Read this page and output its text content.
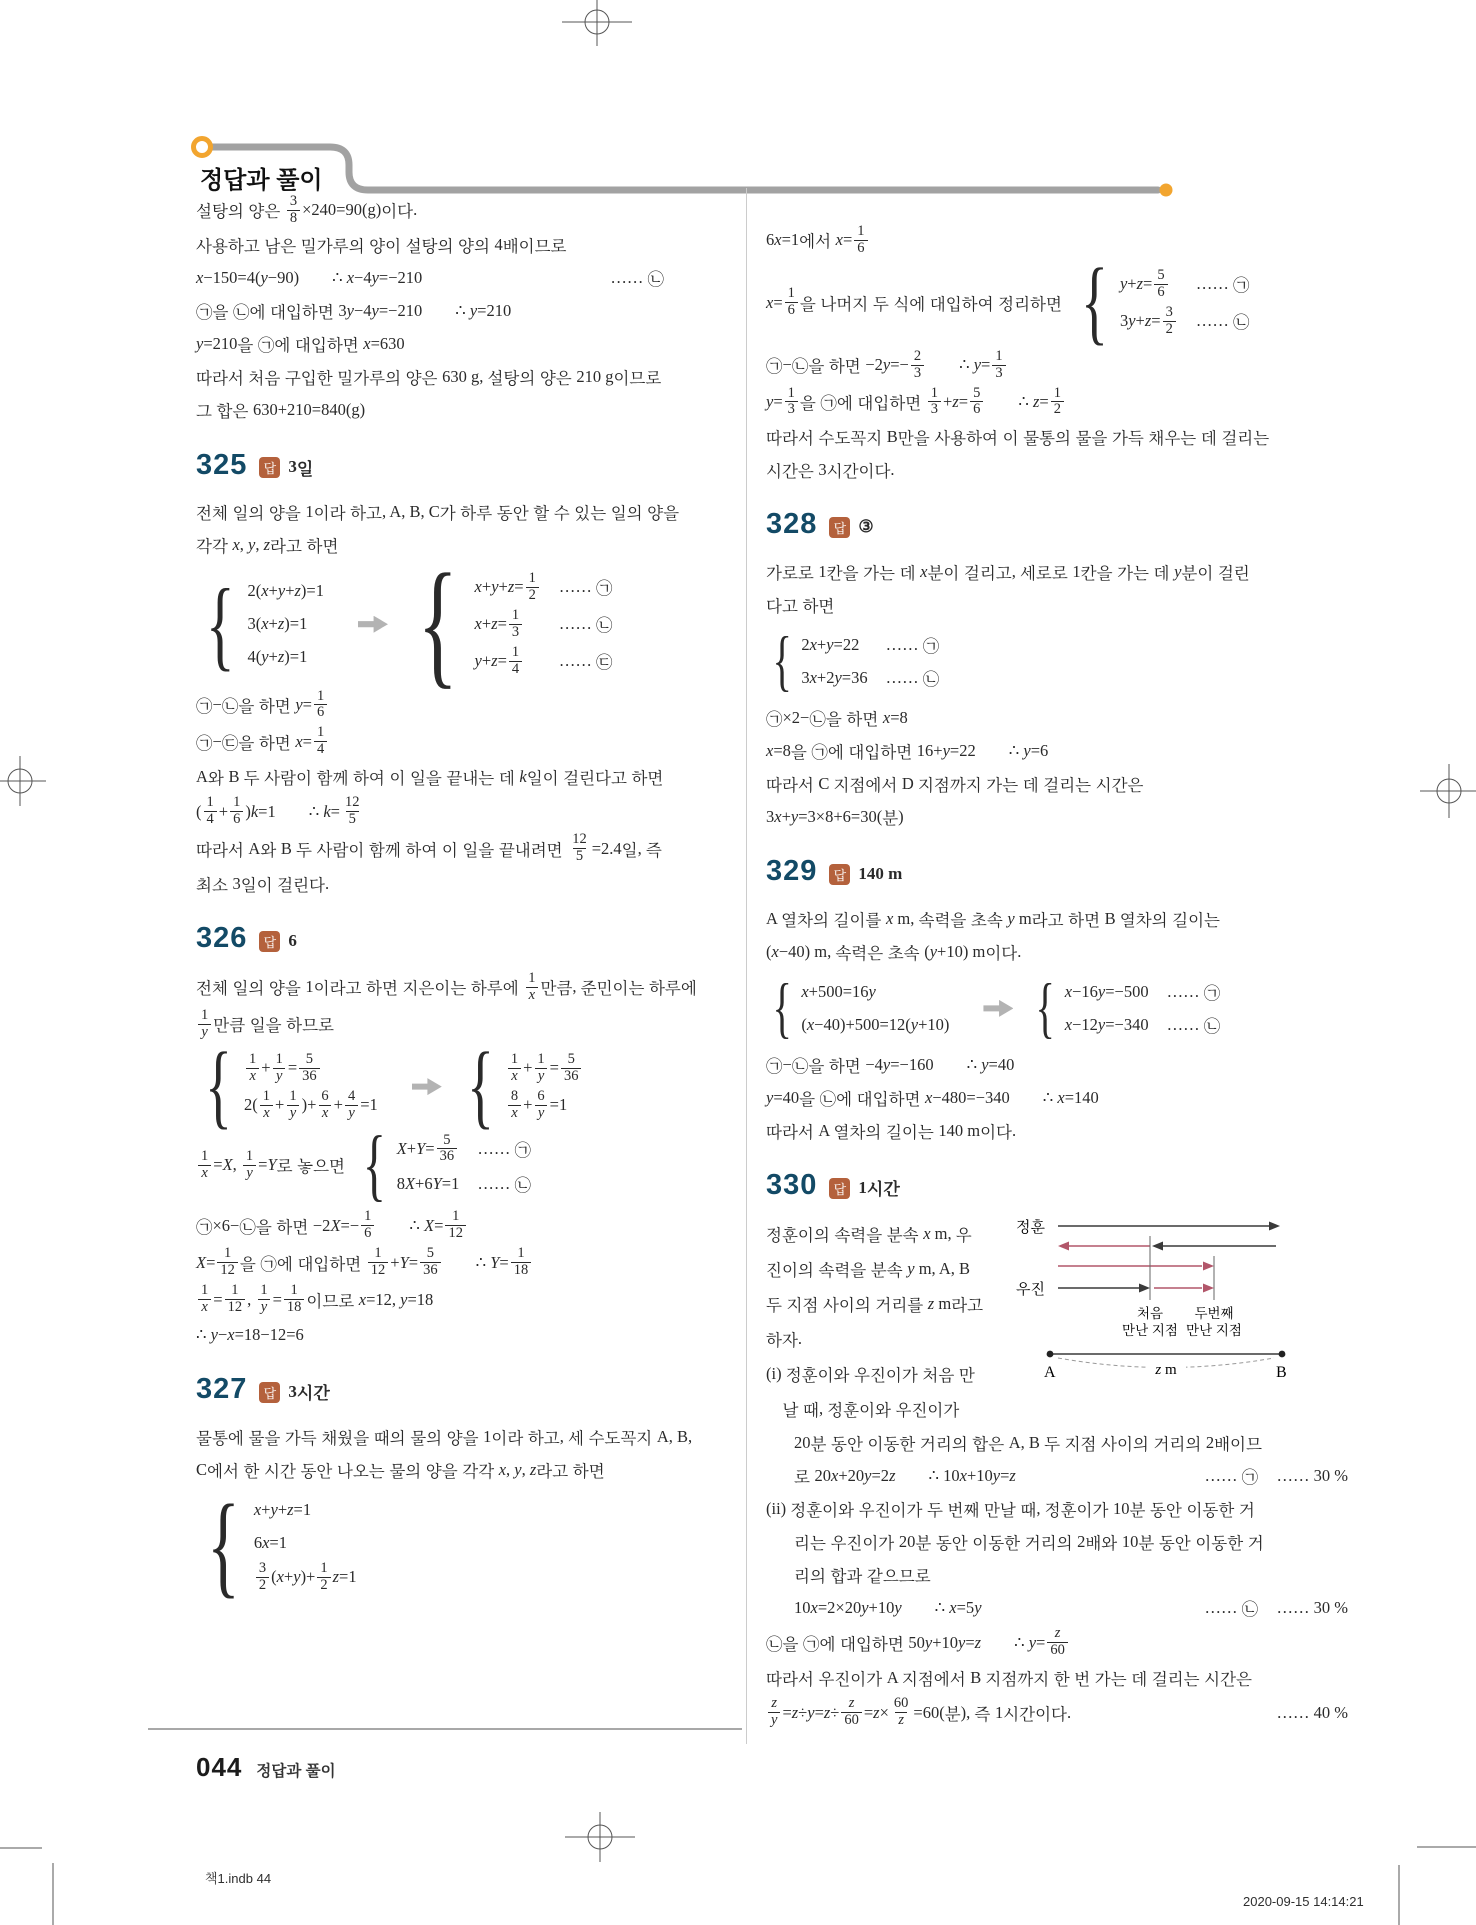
정답과 풀이
설탕의 양은 $\frac{3}{8} \times 240=90(g)$ 이다 .
사용하고 남은 밀가루의 양이 설탕의 양의 4 배이므로
x −150=4( y −90)        ∴ x −4 y =−210	…… ㉡
㉠을 ㉡에 대입하면 3 y −4 y =−210        ∴ y =210
y =210 을 ㉠에 대입하면 x =630
따라서 처음 구입한 밀가루의 양은 630 g, 설탕의 양은 210 g 이므로
그 합은 630+210=840(g)
325	답 3 일
전체 일의 양을 1 이라 하고 , A, B, C 가 하루 동안 할 수 있는 일의 양을
각각 x , y , z 라고 하면
{ 2( x + y + z )=1
3( x + z )=1
4( y + z )=1 { $x + y + z = \frac{1}{2}$ …… ㉠
$x + z = \frac{1}{3}$ …… ㉡
$y + z = \frac{1}{4}$ …… ㉢
㉠ − ㉡을 하면 $y = \frac{1}{6}$
㉠ − ㉢을 하면 $x = \frac{1}{4}$
A 와 B 두 사람이 함께 하여 이 일을 끝내는 데 k 일이 걸린다고 하면
( $\frac{1}{4} + \frac{1}{6}$ ) k =1        ∴ $k = \frac{12}{5}$
따라서 A 와 B 두 사람이 함께 하여 이 일을 끝내려면 $\frac{12}{5} =2.4$ 일 , 즉
최소 3 일이 걸린다 .
326	답 6
전체 일의 양을 1 이라고 하면 지은이는 하루에 $\frac{1}{x}$ 만큼 , 준민이는 하루에
$\frac{1}{y}$ 만큼 일을 하므로
{ $\frac{1}{x} + \frac{1}{y} = \frac{5}{36}$
$2( \frac{1}{x} + \frac{1}{y}$ )+ $\frac{6}{x} + \frac{4}{y} =1$ { $\frac{1}{x} + \frac{1}{y} = \frac{5}{36}$
$\frac{8}{x} + \frac{6}{y} =1$
$\frac{1}{x} = X$ , $\frac{1}{y} = Y$ 로 놓으면 { $X + Y = \frac{5}{36}$ …… ㉠
8 X +6 Y =1 …… ㉡
㉠ ×6− ㉡을 하면 −2 $X =- \frac{1}{6}$ ∴ $X = \frac{1}{12}$
$X = \frac{1}{12}$ 을 ㉠에 대입하면 $\frac{1}{12} + Y = \frac{5}{36}$ ∴ $Y = \frac{1}{18}$
$\frac{1}{x} = \frac{1}{12}$ , $\frac{1}{y} = \frac{1}{18}$ 이므로 x =12, y =18
∴ y − x =18−12=6
327	답 3 시간
물통에 물을 가득 채웠을 때의 물의 양을 1 이라 하고 , 세 수도꼭지 A, B,
C 에서 한 시간 동안 나오는 물의 양을 각각 x , y , z 라고 하면
{ x + y + z =1
6 x =1
$\frac{3}{2}$ ( x + y )+ $\frac{1}{2}$ z =1
6 x =1 에서 $x = \frac{1}{6}$
$x = \frac{1}{6}$ 을 나머지 두 식에 대입하여 정리하면 { $y + z = \frac{5}{6}$ …… ㉠
3 $y + z = \frac{3}{2}$ …… ㉡
㉠ − ㉡을 하면 −2 $y =- \frac{2}{3}$ ∴ $y = \frac{1}{3}$
$y = \frac{1}{3}$ 을 ㉠에 대입하면 $\frac{1}{3} + z = \frac{5}{6}$ ∴ $z = \frac{1}{2}$
따라서 수도꼭지 B 만을 사용하여 이 물통의 물을 가득 채우는 데 걸리는
시간은 3 시간이다 .
328	답 ③
가로로 1 칸을 가는 데 x 분이 걸리고 , 세로로 1 칸을 가는 데 y 분이 걸린
다고 하면
{ 2 x + y =22 …… ㉠
3 x +2 y =36 …… ㉡
㉠ ×2− ㉡을 하면 x =8
x =8 을 ㉠에 대입하면 16+ y =22        ∴ y =6
따라서 C 지점에서 D 지점까지 가는 데 걸리는 시간은
3 x + y =3×8+6=30( 분 )
329	답 140 m
A 열차의 길이를 x m, 속력을 초속 y m 라고 하면 B 열차의 길이는
( x −40) m, 속력은 초속 ( y +10) m 이다 .
{ x +500=16 y
( x −40)+500=12( y +10) { x −16 y =−500 …… ㉠
x −12 y =−340 …… ㉡
㉠ − ㉡을 하면 −4 y =−160        ∴ y =40
y =40 을 ㉡에 대입하면 x −480=−340        ∴ x =140
따라서 A 열차의 길이는 140 m 이다 .
330	답 1 시간
정훈이의 속력을 분속 x m, 우
진이의 속력을 분속 y m, A, B
두 지점 사이의 거리를 z m 라고
하자 .
(i) 정훈이와 우진이가 처음 만

날 때 , 정훈이와 우진이가
정훈
우진
처음
만난 지점
두번째
만난 지점
A	B
z m
20 분 동안 이동한 거리의 합은 A, B 두 지점 사이의 거리의 2 배이므
로 20 x +20 y =2 z ∴ 10 x +10 y = z	…… ㉠ …… 30 %
(ii) 정훈이와 우진이가 두 번째 만날 때 , 정훈이가 10 분 동안 이동한 거
리는 우진이가 20 분 동안 이동한 거리의 2 배와 10 분 동안 이동한 거
리의 합과 같으므로
10 x =2×20 y +10 y ∴ x =5 y	…… ㉡ …… 30 %
㉡을 ㉠에 대입하면 50 y +10 y = z ∴ $y = \frac{z}{60}$
따라서 우진이가 A 지점에서 B 지점까지 한 번 가는 데 걸리는 시간은
$\frac{z}{y} = z \div y = z \div \frac{z}{60} = z \times \frac{60}{z} =60$( 분 ), 즉 1 시간이다 .	…… 40 %
044 정답과 풀이
책1.indb 44
2020-09-15 14:14:21
